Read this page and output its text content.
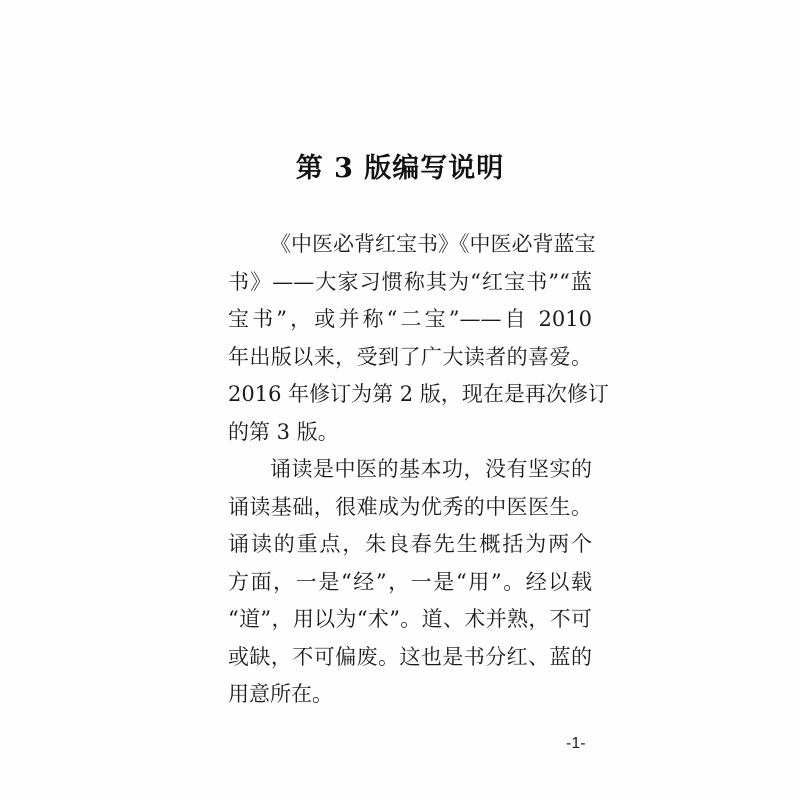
第 3 版编写说明
《中医必背红宝书》《中医必背蓝宝
书》——大家习惯称其为“红宝书”“蓝
宝书”，或并称“二宝”——自 2010
年出版以来，受到了广大读者的喜爱。
2016 年修订为第 2 版，现在是再次修订
的第 3 版。
诵读是中医的基本功，没有坚实的
诵读基础，很难成为优秀的中医医生。
诵读的重点，朱良春先生概括为两个
方面，一是“经”，一是“用”。经以载
“道”，用以为“术”。道、术并熟，不可
或缺，不可偏废。这也是书分红、蓝的
用意所在。
-1-
